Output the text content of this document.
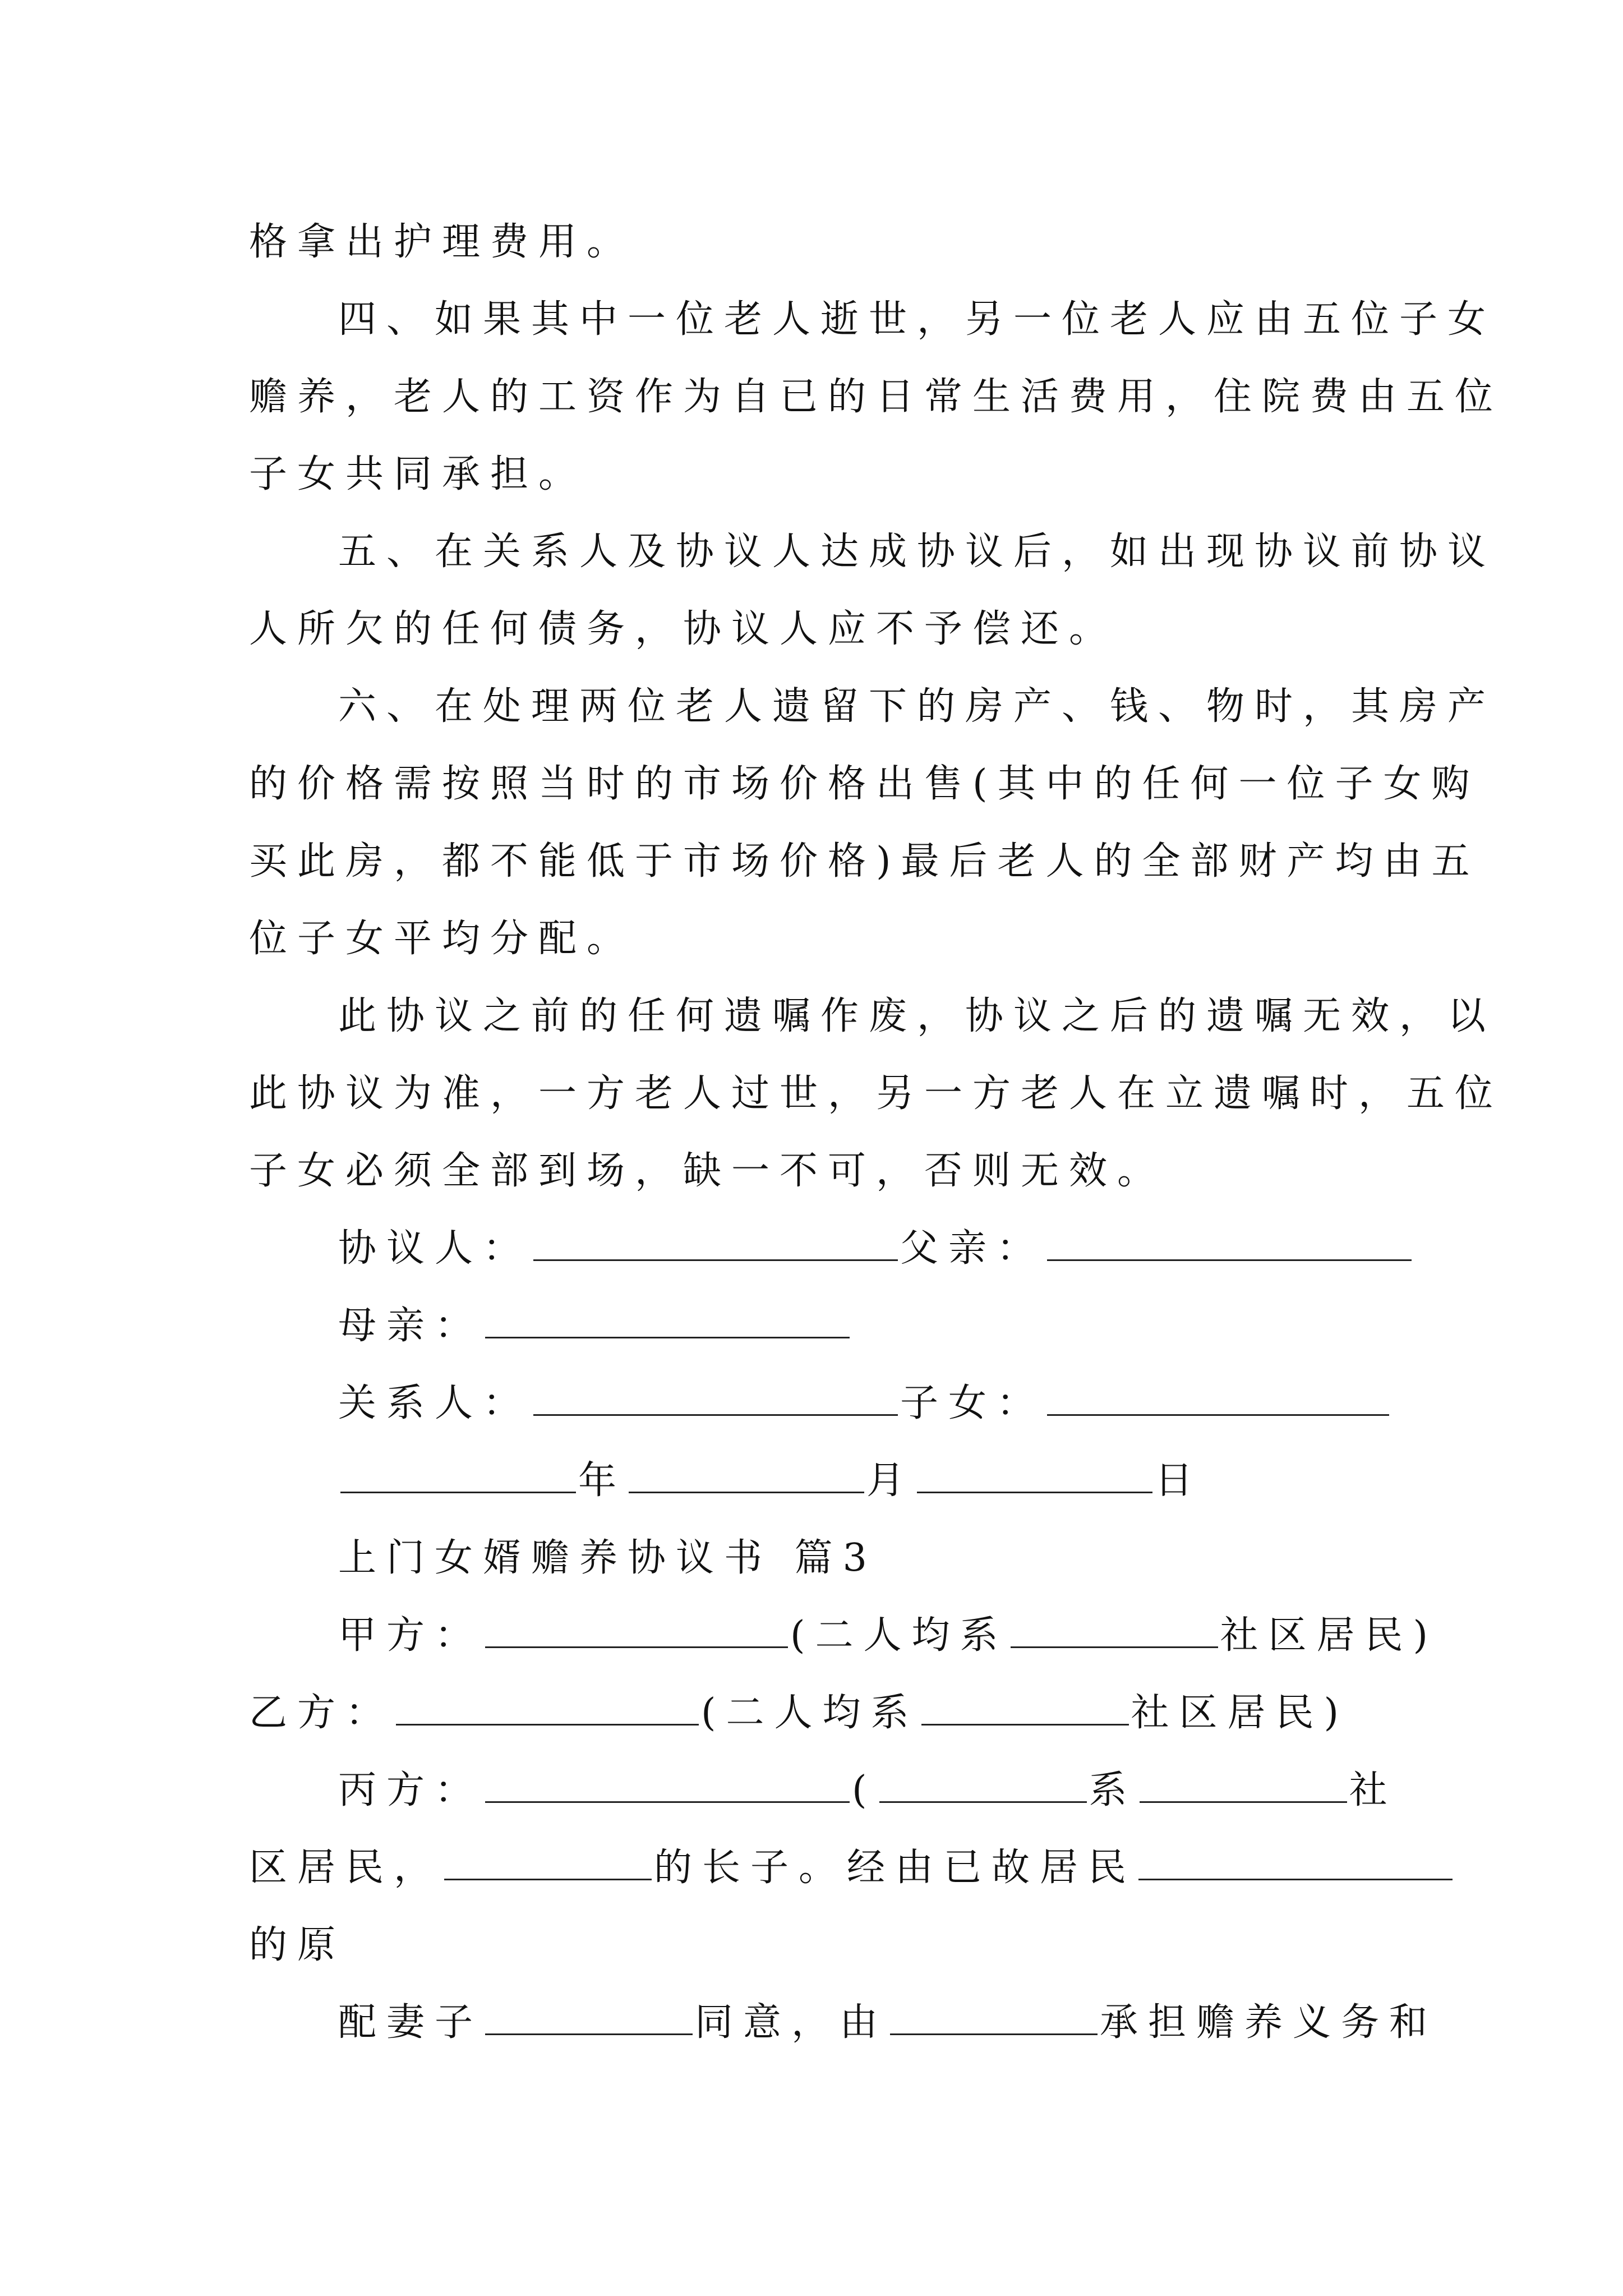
格拿出护理费用。
四、如果其中一位老人逝世，另一位老人应由五位子女
赡养，老人的工资作为自已的日常生活费用，住院费由五位
子女共同承担。
五、在关系人及协议人达成协议后，如出现协议前协议
人所欠的任何债务，协议人应不予偿还。
六、在处理两位老人遗留下的房产、钱、物时，其房产
的价格需按照当时的市场价格出售(其中的任何一位子女购
买此房，都不能低于市场价格)最后老人的全部财产均由五
位子女平均分配。
此协议之前的任何遗嘱作废，协议之后的遗嘱无效，以
此协议为准，一方老人过世，另一方老人在立遗嘱时，五位
子女必须全部到场，缺一不可，否则无效。
协议人：	父亲：
母亲：
关系人：	子女：
年	月	日
上门女婿赡养协议书 篇3
甲方：	(二人均系	社区居民)
乙方：	(二人均系	社区居民)
丙方：	(	系	社
区居民，	的长子。经由已故居民
的原
配妻子	同意，由	承担赡养义务和
